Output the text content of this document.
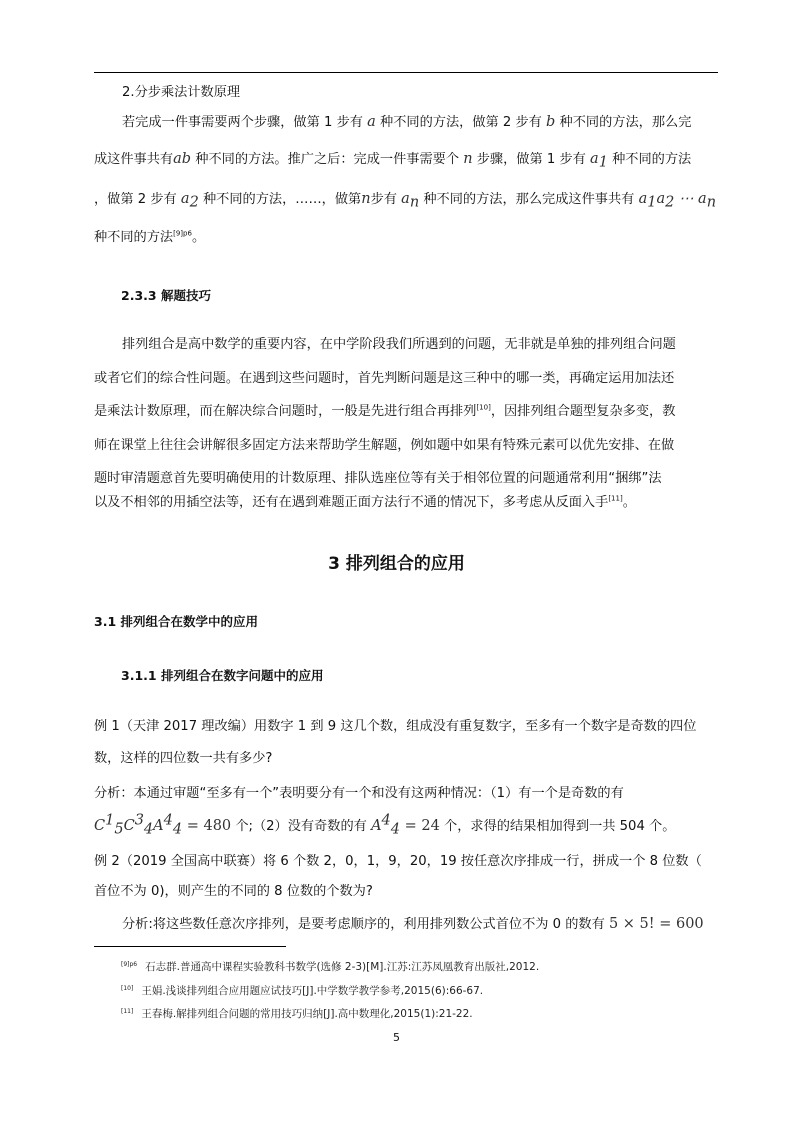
2.分步乘法计数原理
若完成一件事需要两个步骤，做第 1 步有 a 种不同的方法，做第 2 步有 b 种不同的方法，那么完
成这件事共有ab 种不同的方法。推广之后：完成一件事需要个 n 步骤，做第 1 步有 $a_1$ 种不同的方法
，做第 2 步有 $a_2$ 种不同的方法，……，做第n步有 $a_n$ 种不同的方法，那么完成这件事共有 $a_1a_2$ ⋯ $a_n$
种不同的方法$^{[9]p6}$。
2.3.3 解题技巧
排列组合是高中数学的重要内容，在中学阶段我们所遇到的问题，无非就是单独的排列组合问题
或者它们的综合性问题。在遇到这些问题时，首先判断问题是这三种中的哪一类，再确定运用加法还
是乘法计数原理，而在解决综合问题时，一般是先进行组合再排列[10]，因排列组合题型复杂多变，教
师在课堂上往往会讲解很多固定方法来帮助学生解题，例如题中如果有特殊元素可以优先安排、在做
题时审清题意首先要明确使用的计数原理、排队选座位等有关于相邻位置的问题通常利用“捆绑”法
以及不相邻的用插空法等，还有在遇到难题正面方法行不通的情况下，多考虑从反面入手[11]。
3 排列组合的应用
3.1 排列组合在数学中的应用
3.1.1 排列组合在数字问题中的应用
例 1（天津 2017 理改编）用数字 1 到 9 这几个数，组成没有重复数字，至多有一个数字是奇数的四位
数，这样的四位数一共有多少?
分析：本通过审题“至多有一个”表明要分有一个和没有这两种情况：（1）有一个是奇数的有
$C^1_5C^3_4A^4_4 = 480$ 个;（2）没有奇数的有 $A^4_4 = 24$ 个，求得的结果相加得到一共 504 个。
例 2（2019 全国高中联赛）将 6 个数 2，0，1，9，20，19 按任意次序排成一行，拼成一个 8 位数（
首位不为 0)，则产生的不同的 8 位数的个数为?
分析:将这些数任意次序排列，是要考虑顺序的，利用排列数公式首位不为 0 的数有 5 × 5! = 600
$^{[9]p6}$ 石志群.普通高中课程实验教科书数学(选修 2-3)[M].江苏:江苏凤凰教育出版社,2012.
[10] 王娟.浅谈排列组合应用题应试技巧[J].中学数学教学参考,2015(6):66-67.
[11] 王春梅.解排列组合问题的常用技巧归纳[J].高中数理化,2015(1):21-22.
5
